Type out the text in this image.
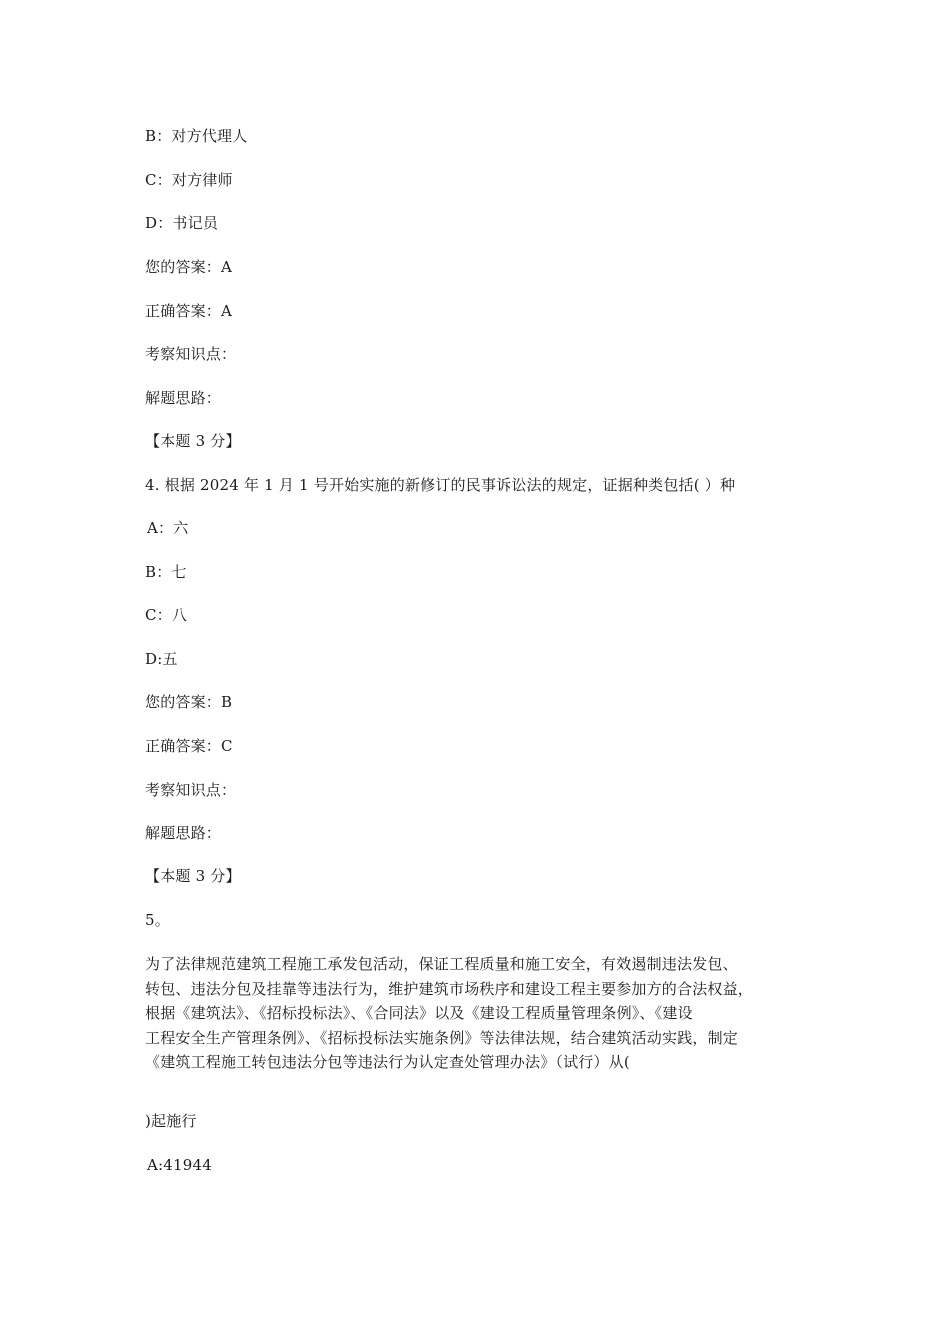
B：对方代理人
C：对方律师
D：书记员
您的答案：A
正确答案：A
考察知识点：
解题思路：
【本题 3 分】
4. 根据 2024 年 1 月 1 号开始实施的新修订的民事诉讼法的规定，证据种类包括( ）种
A：六
B：七
C：八
D:五
您的答案：B
正确答案：C
考察知识点：
解题思路：
【本题 3 分】
5。
为了法律规范建筑工程施工承发包活动，保证工程质量和施工安全，有效遏制违法发包、
转包、违法分包及挂靠等违法行为，维护建筑市场秩序和建设工程主要参加方的合法权益，
根据《建筑法》、《招标投标法》、《合同法》以及《建设工程质量管理条例》、《建设
工程安全生产管理条例》、《招标投标法实施条例》等法律法规，结合建筑活动实践，制定
《建筑工程施工转包违法分包等违法行为认定查处管理办法》（试行）从(
)起施行
A:41944
